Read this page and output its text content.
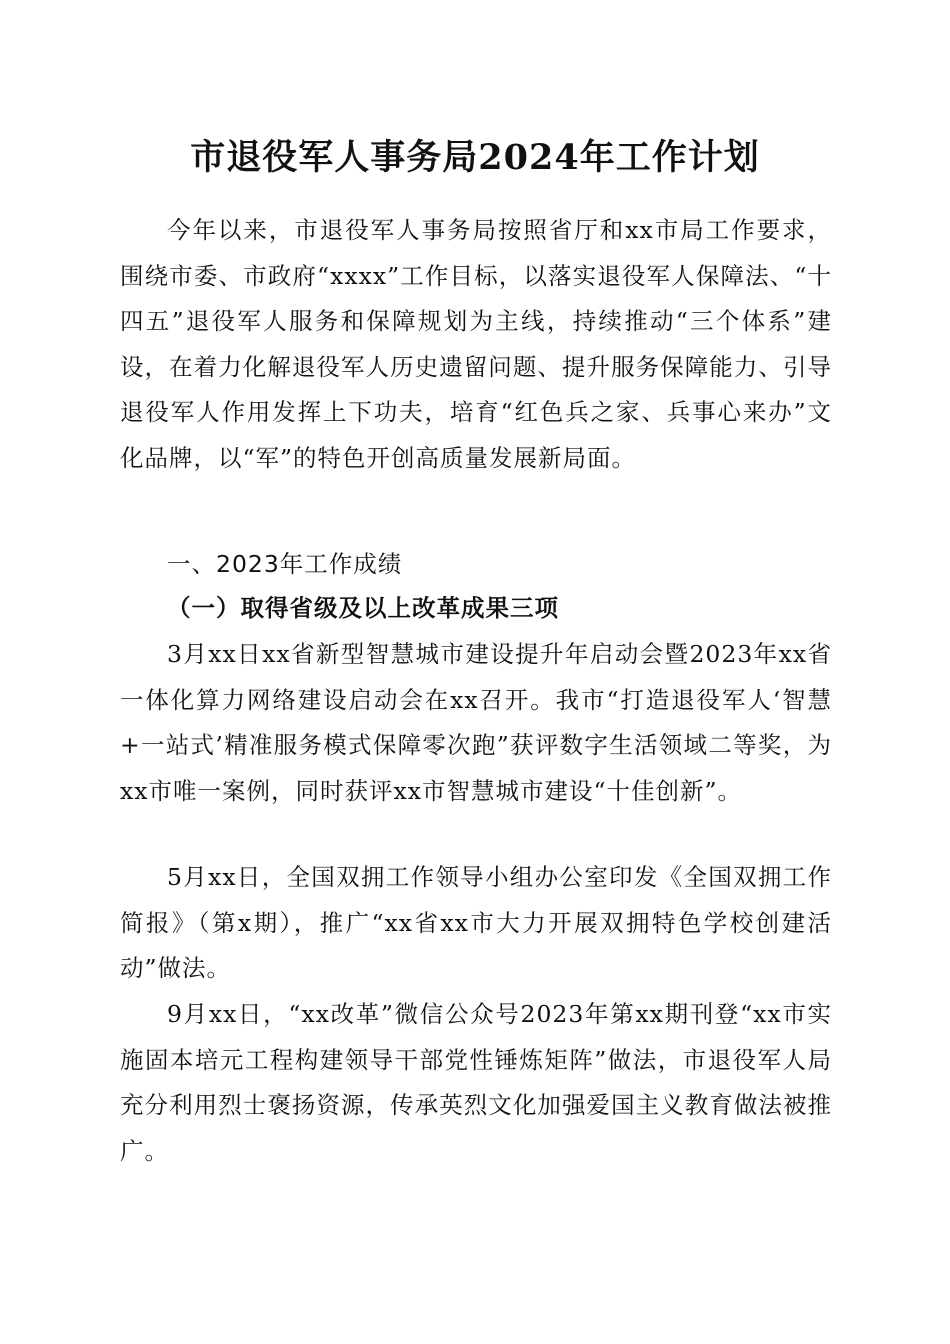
市退役军人事务局2024年工作计划

今年以来，市退役军人事务局按照省厅和xx市局工作要求，围绕市委、市政府“xxxx”工作目标，以落实退役军人保障法、“十四五”退役军人服务和保障规划为主线，持续推动“三个体系”建设，在着力化解退役军人历史遗留问题、提升服务保障能力、引导退役军人作用发挥上下功夫，培育“红色兵之家、兵事心来办”文化品牌，以“军”的特色开创高质量发展新局面。

一、2023年工作成绩

（一）取得省级及以上改革成果三项

3月xx日xx省新型智慧城市建设提升年启动会暨2023年xx省一体化算力网络建设启动会在xx召开。我市“打造退役军人‘智慧+一站式’精准服务模式保障零次跑”获评数字生活领域二等奖，为xx市唯一案例，同时获评xx市智慧城市建设“十佳创新”。

5月xx日，全国双拥工作领导小组办公室印发《全国双拥工作简报》（第x期），推广“xx省xx市大力开展双拥特色学校创建活动”做法。

9月xx日，“xx改革”微信公众号2023年第xx期刊登“xx市实施固本培元工程构建领导干部党性锤炼矩阵”做法，市退役军人局充分利用烈士褒扬资源，传承英烈文化加强爱国主义教育做法被推广。
